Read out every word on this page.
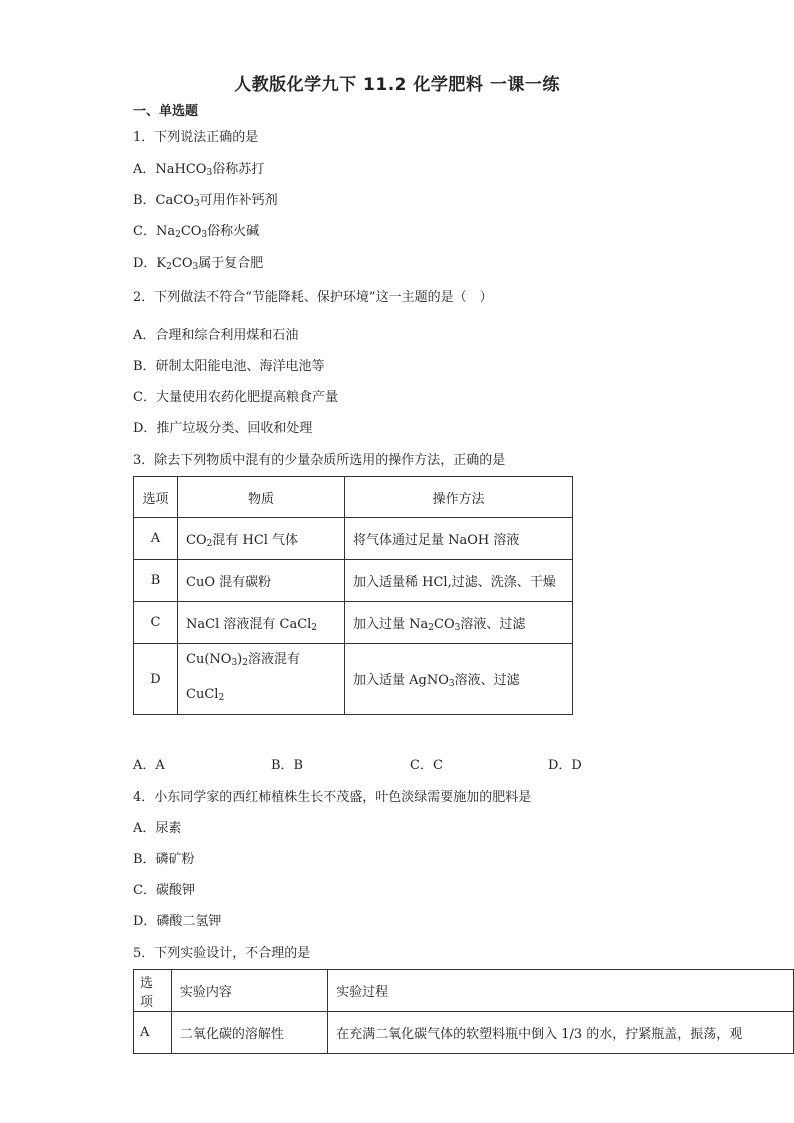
人教版化学九下 11.2 化学肥料 一课一练
一、单选题
1．下列说法正确的是
A．NaHCO$_3$俗称苏打
B．CaCO$_3$可用作补钙剂
C．$Na_2CO_3$俗称火碱
D．$K_2CO_3$属于复合肥
2．下列做法不符合“节能降耗、保护环境”这一主题的是（　）
A．合理和综合利用煤和石油
B．研制太阳能电池、海洋电池等
C．大量使用农药化肥提高粮食产量
D．推广垃圾分类、回收和处理
3．除去下列物质中混有的少量杂质所选用的操作方法，正确的是
选项	物质	操作方法
A	$CO_2$混有 HCl 气体	将气体通过足量 NaOH 溶液
B	CuO 混有碳粉	加入适量稀 HCl,过滤、洗涤、干燥
C	NaCl 溶液混有 CaCl$_2$	加入过量 $Na_2CO_3$溶液、过滤
D	$Cu(NO_3)_2$溶液混有
CuCl$_2$	加入适量 AgNO$_3$溶液、过滤
A．A	B．B	C．C	D．D
4．小东同学家的西红柿植株生长不茂盛，叶色淡绿需要施加的肥料是
A．尿素
B．磷矿粉
C．碳酸钾
D．磷酸二氢钾
5．下列实验设计，不合理的是
选项	实验内容	实验过程
A	二氧化碳的溶解性	在充满二氧化碳气体的软塑料瓶中倒入 1/3 的水，拧紧瓶盖，振荡，观
